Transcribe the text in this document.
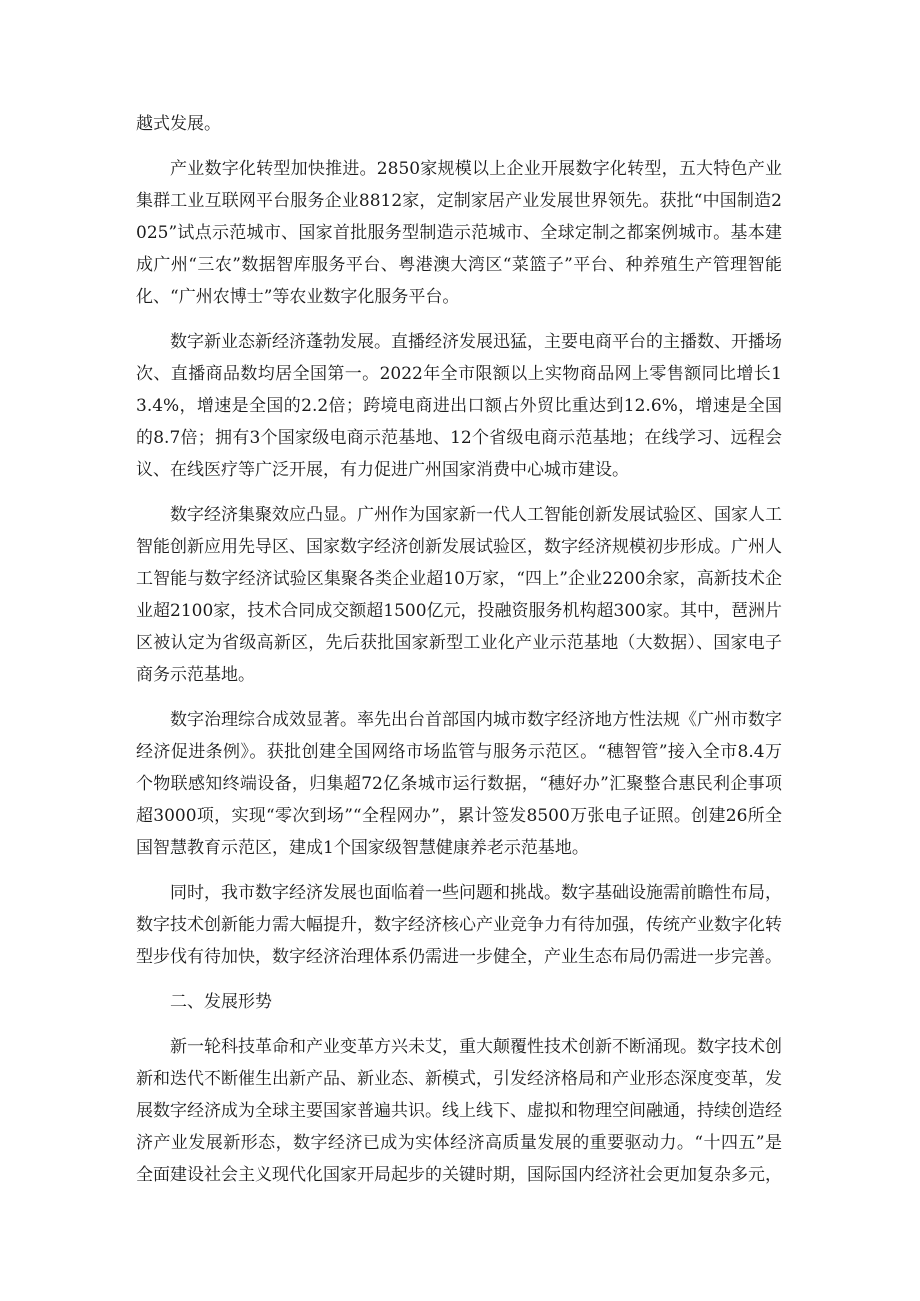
越式发展。

产业数字化转型加快推进。2850家规模以上企业开展数字化转型，五大特色产业集群工业互联网平台服务企业8812家，定制家居产业发展世界领先。获批“中国制造2025”试点示范城市、国家首批服务型制造示范城市、全球定制之都案例城市。基本建成广州“三农”数据智库服务平台、粤港澳大湾区“菜篮子”平台、种养殖生产管理智能化、“广州农博士”等农业数字化服务平台。

数字新业态新经济蓬勃发展。直播经济发展迅猛，主要电商平台的主播数、开播场次、直播商品数均居全国第一。2022年全市限额以上实物商品网上零售额同比增长13.4%，增速是全国的2.2倍；跨境电商进出口额占外贸比重达到12.6%，增速是全国的8.7倍；拥有3个国家级电商示范基地、12个省级电商示范基地；在线学习、远程会议、在线医疗等广泛开展，有力促进广州国家消费中心城市建设。

数字经济集聚效应凸显。广州作为国家新一代人工智能创新发展试验区、国家人工智能创新应用先导区、国家数字经济创新发展试验区，数字经济规模初步形成。广州人工智能与数字经济试验区集聚各类企业超10万家，“四上”企业2200余家，高新技术企业超2100家，技术合同成交额超1500亿元，投融资服务机构超300家。其中，琶洲片区被认定为省级高新区，先后获批国家新型工业化产业示范基地（大数据）、国家电子商务示范基地。

数字治理综合成效显著。率先出台首部国内城市数字经济地方性法规《广州市数字经济促进条例》。获批创建全国网络市场监管与服务示范区。“穗智管”接入全市8.4万个物联感知终端设备，归集超72亿条城市运行数据，“穗好办”汇聚整合惠民利企事项超3000项，实现“零次到场”“全程网办”，累计签发8500万张电子证照。创建26所全国智慧教育示范区，建成1个国家级智慧健康养老示范基地。

同时，我市数字经济发展也面临着一些问题和挑战。数字基础设施需前瞻性布局，数字技术创新能力需大幅提升，数字经济核心产业竞争力有待加强，传统产业数字化转型步伐有待加快，数字经济治理体系仍需进一步健全，产业生态布局仍需进一步完善。

二、发展形势

新一轮科技革命和产业变革方兴未艾，重大颠覆性技术创新不断涌现。数字技术创新和迭代不断催生出新产品、新业态、新模式，引发经济格局和产业形态深度变革，发展数字经济成为全球主要国家普遍共识。线上线下、虚拟和物理空间融通，持续创造经济产业发展新形态，数字经济已成为实体经济高质量发展的重要驱动力。“十四五”是全面建设社会主义现代化国家开局起步的关键时期，国际国内经济社会更加复杂多元，
